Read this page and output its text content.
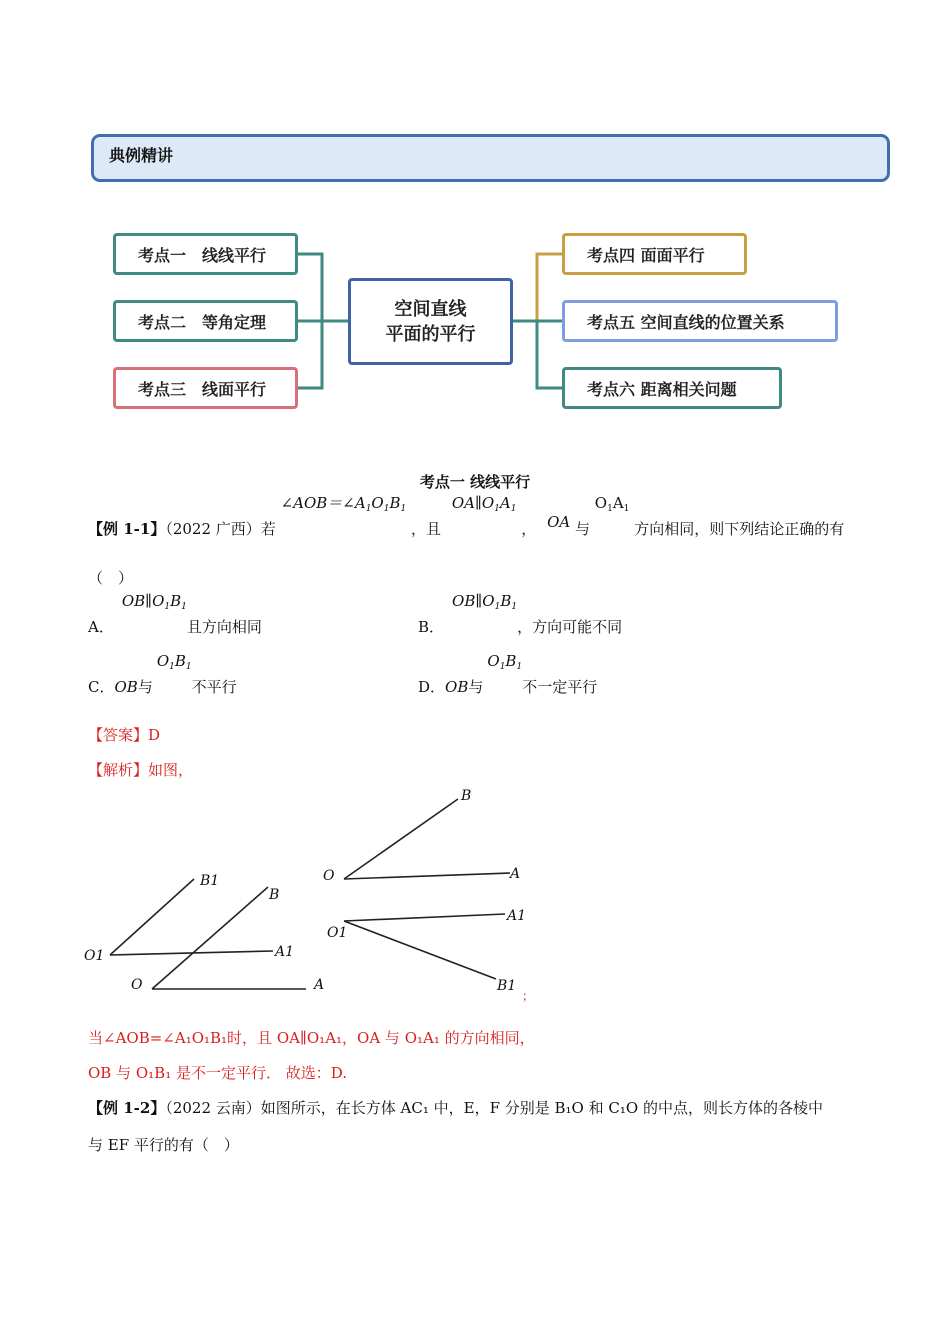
典例精讲
考点一　线线平行
考点二　等角定理
考点三　线面平行
空间直线
平面的平行
考点四 面面平行
考点五 空间直线的位置关系
考点六 距离相关问题
考点一 线线平行
【例 1-1】（2022 广西）若 $\angle AOB=\angle A_1O_1B_1$ ，且 $OA\parallel O_1A_1$ ， OA 与 $O_1A_1$ 方向相同，则下列结论正确的有
（　）
A．$OB\parallel O_1B_1$且方向相同	B．$OB\parallel O_1B_1$，方向可能不同
C．OB与$O_1B_1$不平行	D．OB与$O_1B_1$不一定平行
【答案】D
【解析】如图，
B1
O1	A1
B
O	A
B
O	A
A1
O1
B1
；
当∠AOB=∠A₁O₁B₁时，且 OA∥O₁A₁，OA 与 O₁A₁ 的方向相同，
OB 与 O₁B₁ 是不一定平行． 故选：D.
【例 1-2】（2022 云南）如图所示，在长方体 AC₁ 中，E，F 分别是 B₁O 和 C₁O 的中点，则长方体的各棱中
与 EF 平行的有（　）
